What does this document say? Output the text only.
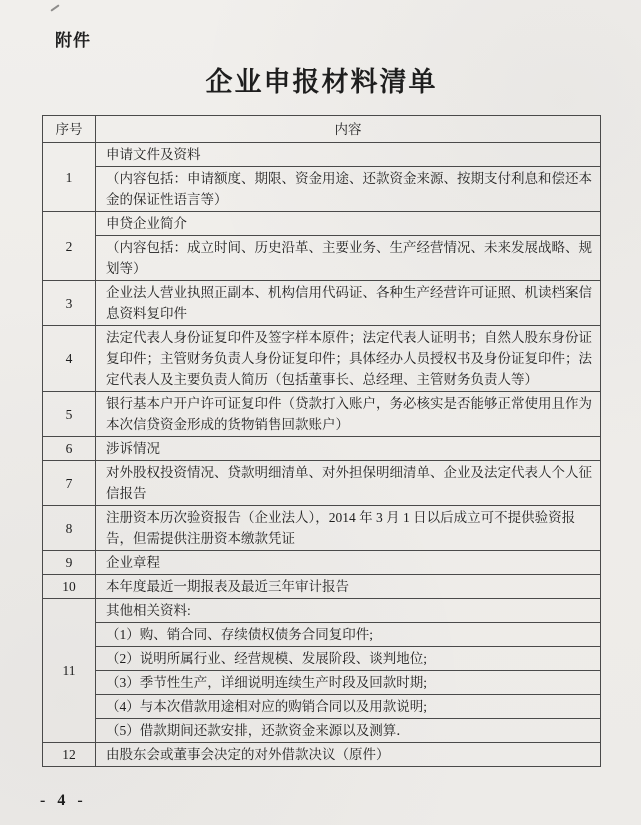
附件
企业申报材料清单
序号	内容
1	申请文件及资料
	（内容包括：申请额度、期限、资金用途、还款资金来源、按期支付利息和偿还本金的保证性语言等）
2	申贷企业简介
	（内容包括：成立时间、历史沿革、主要业务、生产经营情况、未来发展战略、规划等）
3	企业法人营业执照正副本、机构信用代码证、各种生产经营许可证照、机读档案信息资料复印件
4	法定代表人身份证复印件及签字样本原件；法定代表人证明书；自然人股东身份证复印件；主管财务负责人身份证复印件；具体经办人员授权书及身份证复印件；法定代表人及主要负责人简历（包括董事长、总经理、主管财务负责人等）
5	银行基本户开户许可证复印件（贷款打入账户，务必核实是否能够正常使用且作为本次信贷资金形成的货物销售回款账户）
6	涉诉情况
7	对外股权投资情况、贷款明细清单、对外担保明细清单、企业及法定代表人个人征信报告
8	注册资本历次验资报告（企业法人），2014 年 3 月 1 日以后成立可不提供验资报告，但需提供注册资本缴款凭证
9	企业章程
10	本年度最近一期报表及最近三年审计报告
11	其他相关资料:
	（1）购、销合同、存续债权债务合同复印件;
	（2）说明所属行业、经营规模、发展阶段、谈判地位;
	（3）季节性生产，详细说明连续生产时段及回款时期;
	（4）与本次借款用途相对应的购销合同以及用款说明;
	（5）借款期间还款安排，还款资金来源以及测算．
12	由股东会或董事会决定的对外借款决议（原件）
- 4 -
